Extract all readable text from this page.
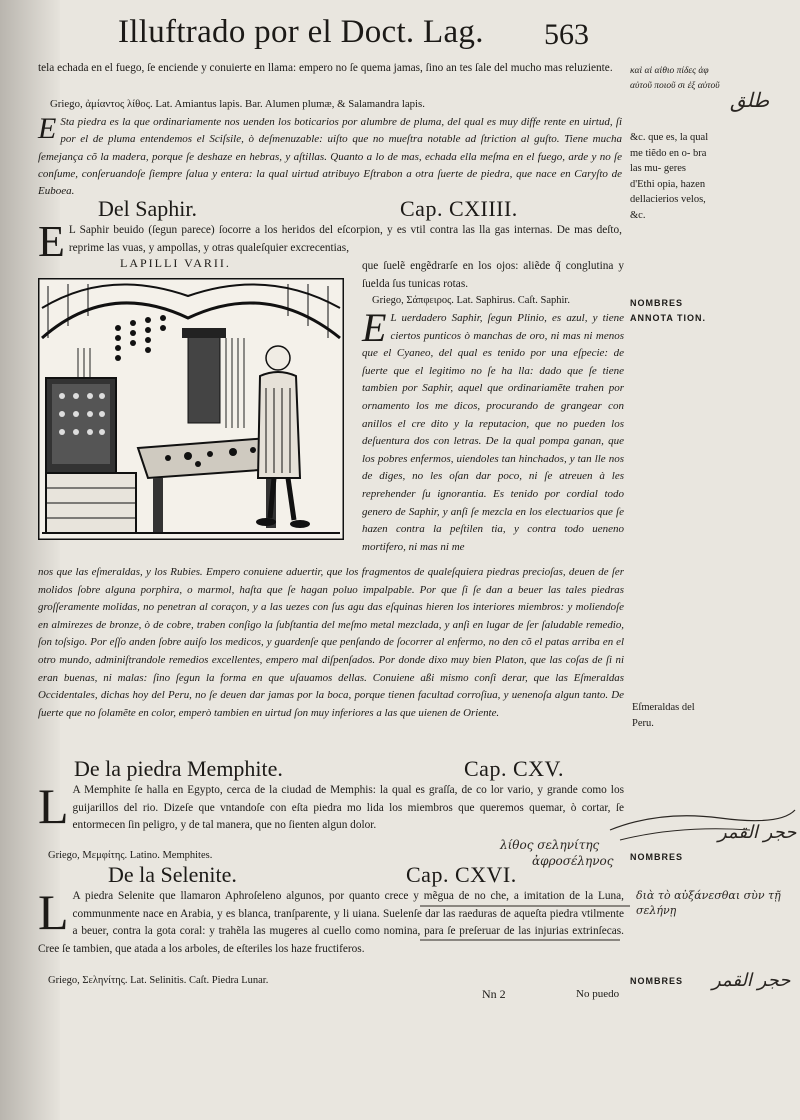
Illuftrado por el Doct. Lag. 563
tela echada en el fuego, ſe enciende y conuierte en llama: empero no ſe quema jamas, ſino an tes ſale del mucho mas reluziente.
Griego, ἀμίαντος λίθος. Lat. Amiantus lapis. Bar. Alumen plumæ, & Salamandra lapis.
E Sta piedra es la que ordinariamente nos uenden los boticarios por alumbre de pluma, del qual es muy diffe rente en uirtud, ſi por el de pluma entendemos el Sciſsile, ò deſmenuzable: uiſto que no mueſtra notable ad ſtriction al guſto. Tiene mucha ſemejança cõ la madera, porque ſe deshaze en hebras, y aſtillas. Quanto a lo de mas, echada ella meſma en el fuego, arde y no ſe conſume, conſeruandoſe ſiempre ſalua y entera: la qual uirtud atribuyo Eſtrabon a otra ſuerte de piedra, que nace en Caryſto de Euboea.
Del Saphir.	Cap. CXIIII.
E L Saphir beuido (ſegun parece) ſocorre a los heridos del eſcorpion, y es vtil contra las lla gas internas. De mas deſto, reprime las vuas, y ampollas, y otras qualeſquier excrecentias,
LAPILLI VARII.	que ſuelẽ engẽdrarſe en los ojos: aliẽde q̃ conglutina y ſuelda ſus tunicas rotas.
Griego, Σάπφειρος. Lat. Saphirus. Caſt. Saphir.
E L uerdadero Saphir, ſegun Plinio, es azul, y tiene ciertos punticos ò manchas de oro, ni mas ni menos que el Cyaneo, del qual es tenido por una eſpecie: de ſuerte que el legitimo no ſe ha lla: dado que ſe tiene tambien por Saphir, aquel que ordinariamẽte trahen por ornamento los me dicos, procurando de grangear con anillos el cre dito y la reputacion, que no pueden los deſuentura dos con letras. De la qual pompa ganan, que los pobres enfermos, uiendoles tan hinchados, y tan lle nos de diges, no les oſan dar poco, ni ſe atreuen à les reprehender ſu ignorantia. Es tenido por cordial todo genero de Saphir, y anſi ſe mezcla en los electuarios que ſe hazen contra la peſtilen tia, y contra todo ueneno mortifero, ni mas ni me
nos que las eſmeraldas, y los Rubies. Empero conuiene aduertir, que los fragmentos de qualeſquiera piedras precioſas, deuen de ſer molidos ſobre alguna porphira, o marmol, haſta que ſe hagan poluo impalpable. Por que ſi ſe dan a beuer las tales piedras groſſeramente molidas, no penetran al coraçon, y a las uezes con ſus agu das eſquinas hieren los interiores miembros: y moliendoſe en almirezes de bronze, ò de cobre, traben conſigo la ſubſtantia del meſmo metal mezclada, y anſi en lugar de ſer ſaludable remedio, ſon toſsigo. Por eſſo anden ſobre auiſo los medicos, y guardenſe que penſando de ſocorrer al enfermo, no den cõ el patas arriba en el otro mundo, adminiſtrandole remedios excellentes, empero mal diſpenſados. Por donde dixo muy bien Platon, que las coſas de ſi ni eran buenas, ni malas: ſino ſegun la forma en que uſauamos dellas. Conuiene aßi mismo conſi derar, que las Eſmeraldas Occidentales, dichas hoy del Peru, no ſe deuen dar jamas por la boca, porque tienen facultad corroſiua, y uenenoſa algun tanto. De ſuerte que no ſolamẽte en color, emperò tambien en uirtud ſon muy inferiores a las que uienen de Oriente.
De la piedra Memphite.	Cap. CXV.
L A Memphite ſe halla en Egypto, cerca de la ciudad de Memphis: la qual es graſſa, de co lor vario, y grande como los guijarillos del rio. Dizeſe que vntandoſe con eſta piedra mo lida los miembros que queremos quemar, ò cortar, ſe entormecen ſin peligro, y de tal manera, que no ſienten algun dolor.
Griego, Μεμφίτης. Latino. Memphites.
De la Selenite.	Cap. CXVI.
L A piedra Selenite que llamaron Aphroſeleno algunos, por quanto crece y mẽgua de no che, a imitation de la Luna, communmente nace en Arabia, y es blanca, tranſparente, y li uiana. Suelenſe dar las raeduras de aqueſta piedra vtilmente a beuer, contra la gota coral: y trahẽla las mugeres al cuello como nomina, para ſe preſeruar de las injurias extrinſecas. Cree ſe tambien, que atada a los arboles, de eſteriles los haze fructiferos.
Griego, Σεληνίτης. Lat. Selinitis. Caſt. Piedra Lunar.
Nn 2	No puedo
καὶ αἱ αἰθιο πίδες ἀφ αὐτοῦ ποιοῦ σι ἐξ αὐτοῦ
&c. que es, la qual me tiẽdo en o- bra las mu- geres d'Ethi opia, hazen dellacierios velos, &c.
NOMBRES
ANNOTA TION.
Eſmeraldas del Peru.
NOMBRES
NOMBRES
طلق
حجر القمر
λίθος σεληνίτης
ἀφροσέληνος
διὰ τὸ αὐξάνεσθαι σὺν τῇ σελήνῃ
حجر القمر
